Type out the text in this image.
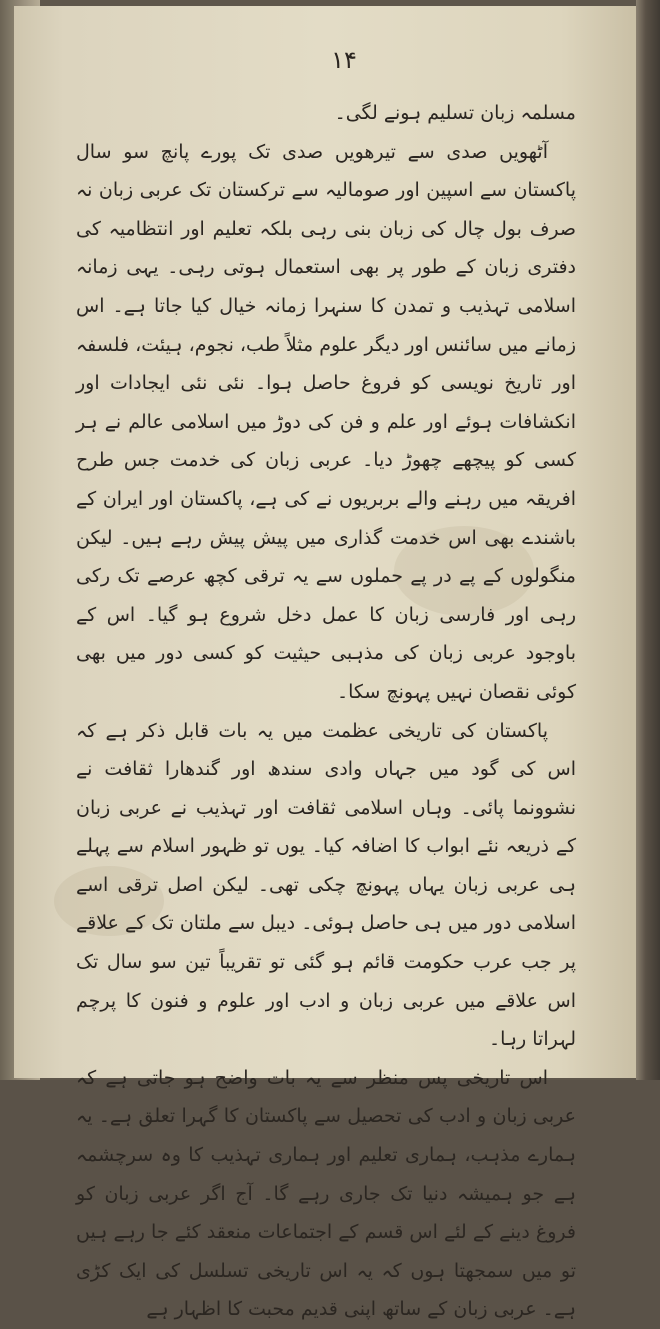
۱۴

مسلمہ زبان تسلیم ہونے لگی۔

آٹھویں صدی سے تیرھویں صدی تک پورے پانچ سو سال پاکستان سے اسپین اور صومالیہ سے ترکستان تک عربی زبان نہ صرف بول چال کی زبان بنی رہی بلکہ تعلیم اور انتظامیہ کی دفتری زبان کے طور پر بھی استعمال ہوتی رہی۔ یہی زمانہ اسلامی تہذیب و تمدن کا سنہرا زمانہ خیال کیا جاتا ہے۔ اس زمانے میں سائنس اور دیگر علوم مثلاً طب، نجوم، ہیئت، فلسفہ اور تاریخ نویسی کو فروغ حاصل ہوا۔ نئی نئی ایجادات اور انکشافات ہوئے اور علم و فن کی دوڑ میں اسلامی عالم نے ہر کسی کو پیچھے چھوڑ دیا۔ عربی زبان کی خدمت جس طرح افریقہ میں رہنے والے بربریوں نے کی ہے، پاکستان اور ایران کے باشندے بھی اس خدمت گذاری میں پیش پیش رہے ہیں۔ لیکن منگولوں کے پے در پے حملوں سے یہ ترقی کچھ عرصے تک رکی رہی اور فارسی زبان کا عمل دخل شروع ہو گیا۔ اس کے باوجود عربی زبان کی مذہبی حیثیت کو کسی دور میں بھی کوئی نقصان نہیں پہونچ سکا۔

پاکستان کی تاریخی عظمت میں یہ بات قابل ذکر ہے کہ اس کی گود میں جہاں وادی سندھ اور گندھارا ثقافت نے نشوونما پائی۔ وہاں اسلامی ثقافت اور تہذیب نے عربی زبان کے ذریعہ نئے ابواب کا اضافہ کیا۔ یوں تو ظہور اسلام سے پہلے ہی عربی زبان یہاں پہونچ چکی تھی۔ لیکن اصل ترقی اسے اسلامی دور میں ہی حاصل ہوئی۔ دیبل سے ملتان تک کے علاقے پر جب عرب حکومت قائم ہو گئی تو تقریباً تین سو سال تک اس علاقے میں عربی زبان و ادب اور علوم و فنون کا پرچم لہراتا رہا۔

اس تاریخی پس منظر سے یہ بات واضح ہو جاتی ہے کہ عربی زبان و ادب کی تحصیل سے پاکستان کا گہرا تعلق ہے۔ یہ ہمارے مذہب، ہماری تعلیم اور ہماری تہذیب کا وہ سرچشمہ ہے جو ہمیشہ دنیا تک جاری رہے گا۔ آج اگر عربی زبان کو فروغ دینے کے لئے اس قسم کے اجتماعات منعقد کئے جا رہے ہیں تو میں سمجھتا ہوں کہ یہ اس تاریخی تسلسل کی ایک کڑی ہے۔ عربی زبان کے ساتھ اپنی قدیم محبت کا اظہار ہے
